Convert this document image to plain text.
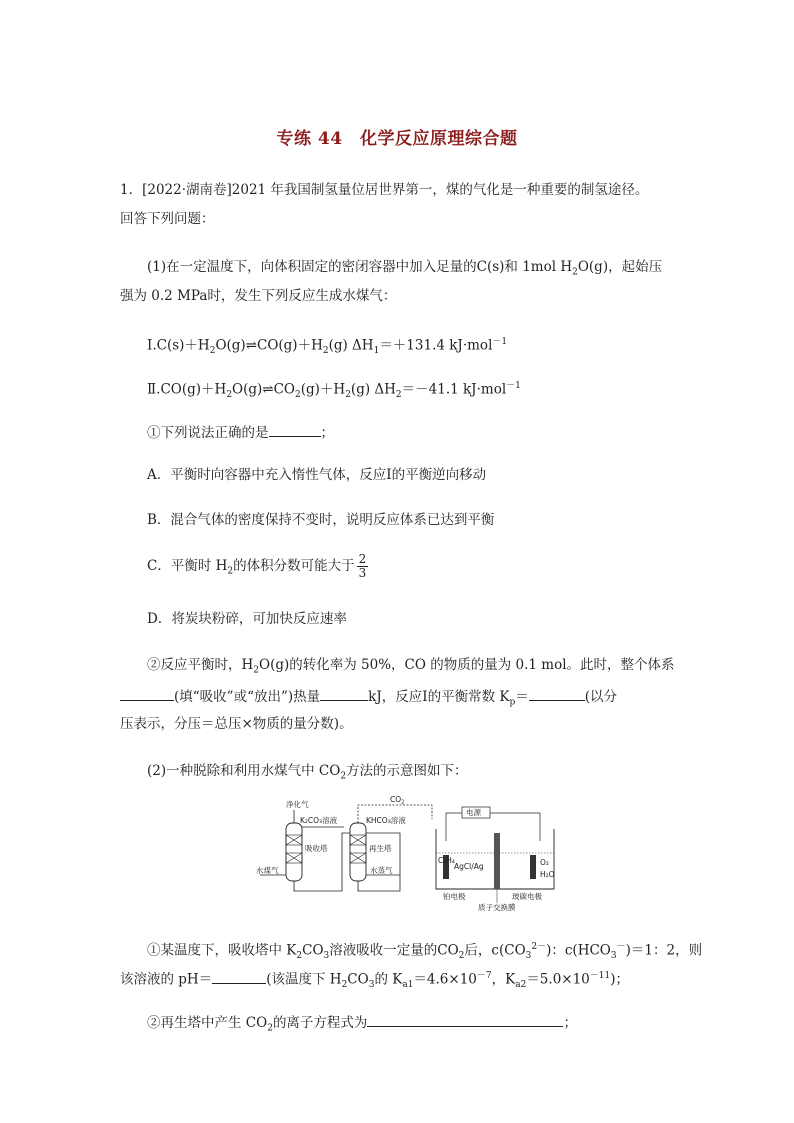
专练 44　化学反应原理综合题
1．[2022·湖南卷]2021 年我国制氢量位居世界第一，煤的气化是一种重要的制氢途径。
回答下列问题：
(1)在一定温度下，向体积固定的密闭容器中加入足量的C(s)和 1mol $H_2O(g)$，起始压
强为 0.2 MPa时，发生下列反应生成水煤气：
$Ⅰ.C(s)+H_2O(g)\rightleftharpoons CO(g)+H_2(g)$ $\Delta H_1=+131.4$ kJ·mol$^{-1}$
$Ⅱ.CO(g)+H_2O(g)\rightleftharpoons CO_2(g)+H_2(g)$ $\Delta H_2=-41.1$ kJ·mol$^{-1}$
①下列说法正确的是	；
A．平衡时向容器中充入惰性气体，反应Ⅰ的平衡逆向移动
B．混合气体的密度保持不变时，说明反应体系已达到平衡
C．平衡时 $H_2$的体积分数可能大于 $\frac{2}{3}$
D．将炭块粉碎，可加快反应速率
②反应平衡时，$H_2O(g)$的转化率为 50%，CO 的物质的量为 0.1 mol。此时，整个体系
(填“吸收”或“放出”)热量	kJ，反应Ⅰ的平衡常数 $K_p=$	(以分
压表示，分压＝总压×物质的量分数)。
(2)一种脱除和利用水煤气中 $CO_2$方法的示意图如下：
吸收塔
净化气
K₂CO₃溶液
水煤气
再生塔
KHCO₃溶液
水蒸气
$CO_2$
电源
AgCl/Ag	O₂
H₂O
C₂H₄
铂电极	玻碳电极
质子交换膜
①某温度下，吸收塔中 $K_2CO_3$溶液吸收一定量的$CO_2$后，$c(CO_3^{2-})$：$c(HCO_3^-)=1$：2，则
该溶液的 pH＝	(该温度下 $H_2CO_3$的 $K_{a1}=4.6\times 10^{-7}$，$K_{a2}=5.0\times 10^{-11}$)；
②再生塔中产生 $CO_2$的离子方程式为	；
